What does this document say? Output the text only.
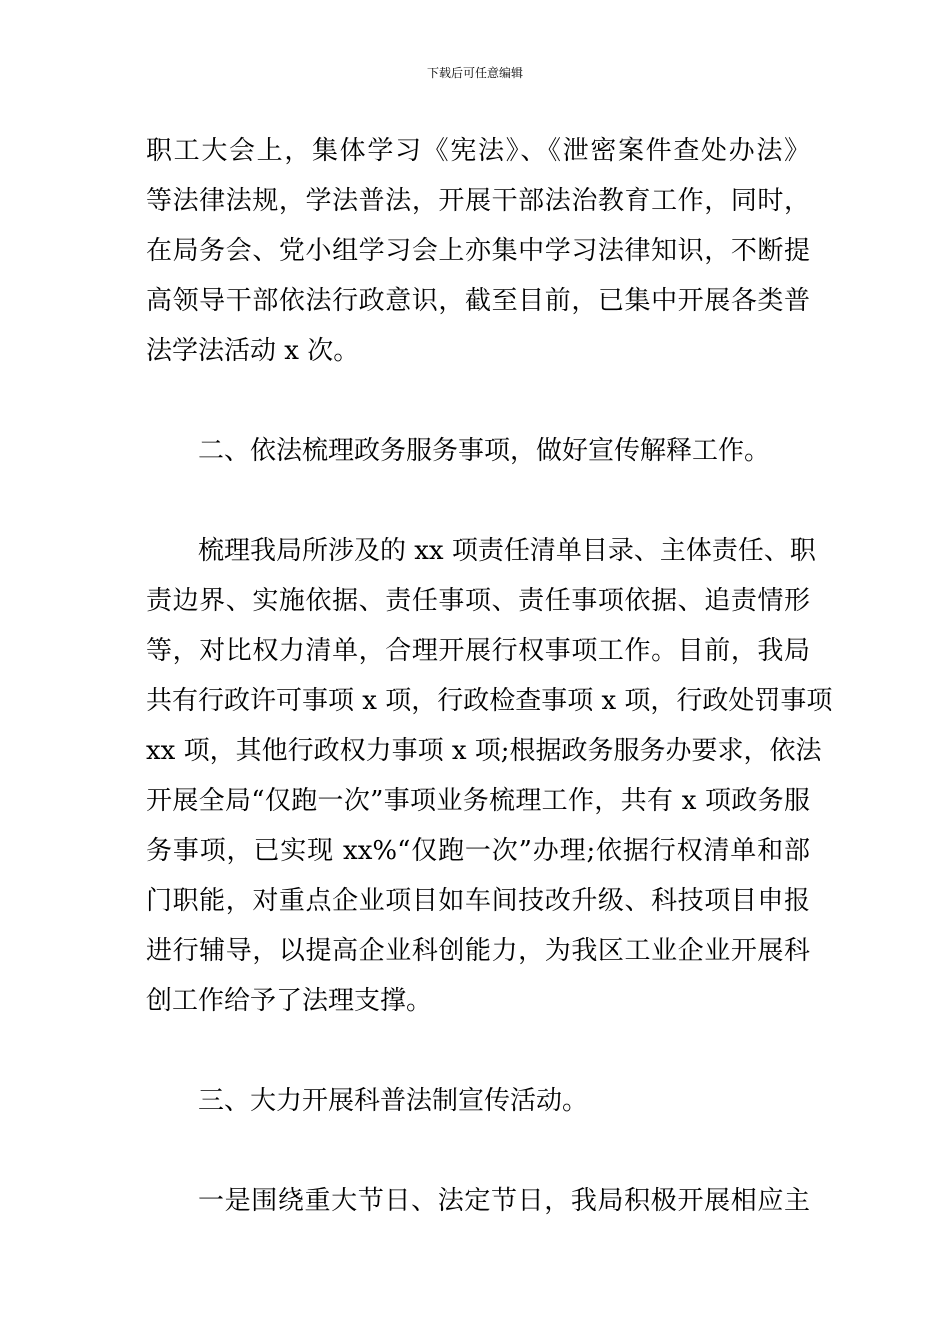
下载后可任意编辑
职工大会上，集体学习《宪法》、《泄密案件查处办法》
等法律法规，学法普法，开展干部法治教育工作，同时，
在局务会、党小组学习会上亦集中学习法律知识，不断提
高领导干部依法行政意识，截至目前，已集中开展各类普
法学法活动 x 次。
二、依法梳理政务服务事项，做好宣传解释工作。
梳理我局所涉及的 xx 项责任清单目录、主体责任、职
责边界、实施依据、责任事项、责任事项依据、追责情形
等，对比权力清单，合理开展行权事项工作。目前，我局
共有行政许可事项 x 项，行政检查事项 x 项，行政处罚事项
xx 项，其他行政权力事项 x 项;根据政务服务办要求，依法
开展全局“仅跑一次”事项业务梳理工作，共有 x 项政务服
务事项，已实现 xx%“仅跑一次”办理;依据行权清单和部
门职能，对重点企业项目如车间技改升级、科技项目申报
进行辅导，以提高企业科创能力，为我区工业企业开展科
创工作给予了法理支撑。
三、大力开展科普法制宣传活动。
一是围绕重大节日、法定节日，我局积极开展相应主
